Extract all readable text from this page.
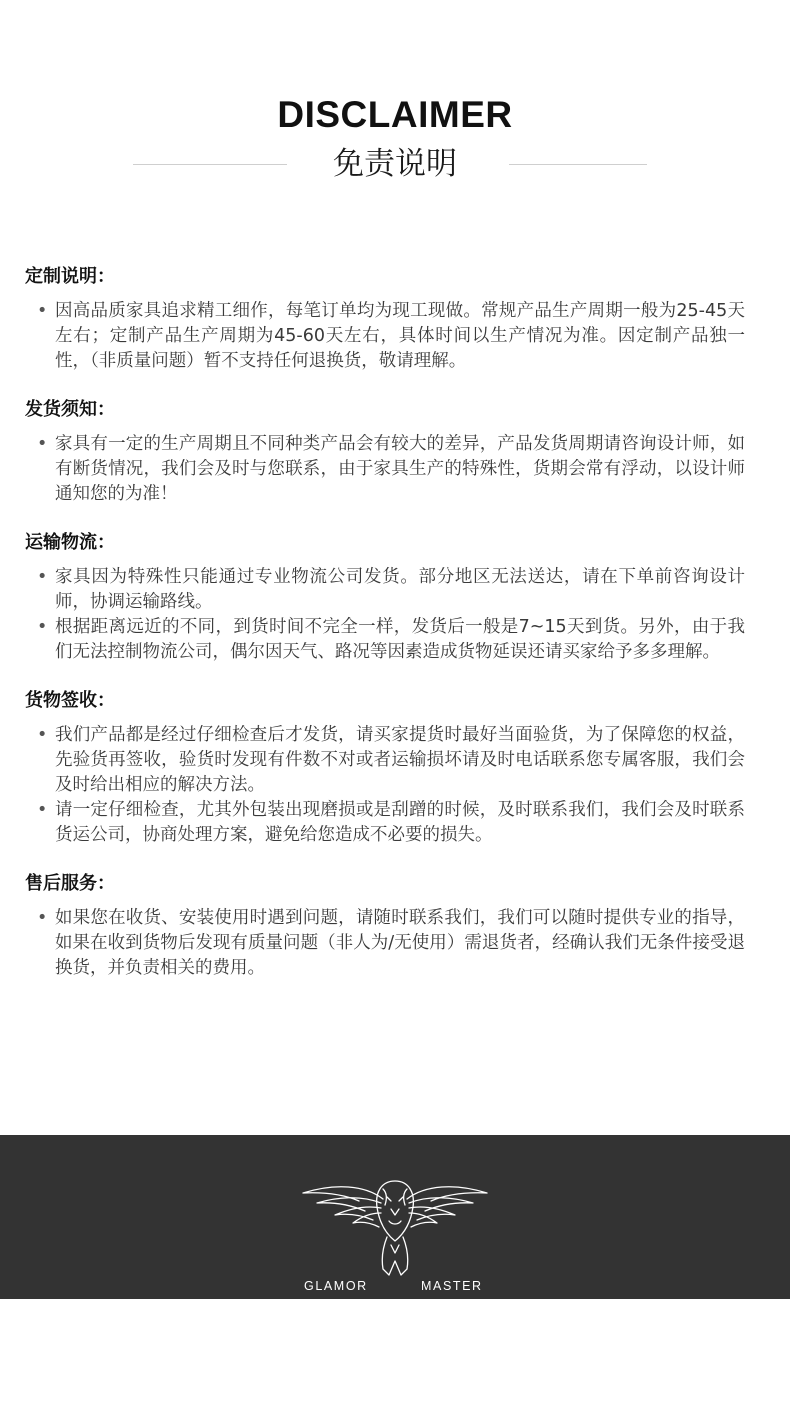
DISCLAIMER
免责说明
定制说明：
• 因高品质家具追求精工细作，每笔订单均为现工现做。常规产品生产周期一般为25-45天左右；定制产品生产周期为45-60天左右，具体时间以生产情况为准。因定制产品独一性，（非质量问题）暂不支持任何退换货，敬请理解。
发货须知：
• 家具有一定的生产周期且不同种类产品会有较大的差异，产品发货周期请咨询设计师，如有断货情况，我们会及时与您联系，由于家具生产的特殊性，货期会常有浮动，以设计师通知您的为准！
运输物流：
• 家具因为特殊性只能通过专业物流公司发货。部分地区无法送达，请在下单前咨询设计师，协调运输路线。
• 根据距离远近的不同，到货时间不完全一样，发货后一般是7~15天到货。另外，由于我们无法控制物流公司，偶尔因天气、路况等因素造成货物延误还请买家给予多多理解。
货物签收：
• 我们产品都是经过仔细检查后才发货，请买家提货时最好当面验货，为了保障您的权益，先验货再签收，验货时发现有件数不对或者运输损坏请及时电话联系您专属客服，我们会及时给出相应的解决方法。
• 请一定仔细检查，尤其外包装出现磨损或是刮蹭的时候，及时联系我们，我们会及时联系货运公司，协商处理方案，避免给您造成不必要的损失。
售后服务：
• 如果您在收货、安装使用时遇到问题，请随时联系我们，我们可以随时提供专业的指导，如果在收到货物后发现有质量问题（非人为/无使用）需退货者，经确认我们无条件接受退换货，并负责相关的费用。
GLAMOR	MASTER
